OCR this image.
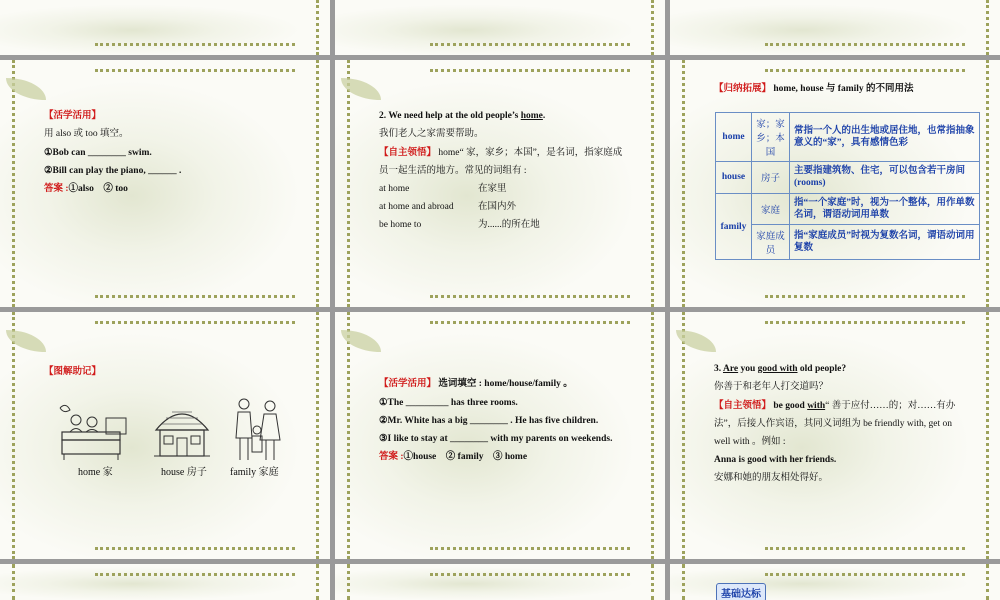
【活学活用】
用 also 或 too 填空。
①Bob can ________ swim.
②Bill can play the piano, ______ .
答案 :①also　② too
2. We need help at the old people’s home.
我们老人之家需要帮助。
【自主领悟】 home“ 家，家乡；本国”，是名词，指家庭成
员一起生活的地方。常见的词组有 :
at home	在家里
at home and abroad	在国内外
be home to	为......的所在地
【归纳拓展】 home, house 与 family 的不同用法
home	家；家乡；本国	常指一个人的出生地或居住地，也常指抽象意义的“家”，具有感情色彩
house	房子	主要指建筑物、住宅，可以包含若干房间(rooms)
family	家庭	指“一个家庭”时，视为一个整体，用作单数名词，谓语动词用单数
	家庭成员	指“家庭成员”时视为复数名词，谓语动词用复数
【图解助记】
home 家	house 房子 family 家庭
【活学活用】 选词填空 : home/house/family 。
①The _________ has three rooms.
②Mr. White has a big ________ . He has five children.
③I like to stay at ________ with my parents on weekends.
答案 :①house　② family　③ home
3. Are you good with old people?
你善于和老年人打交道吗？
【自主领悟】 be good with“ 善于应付……的；对……有办
法”，后接人作宾语，其同义词组为 be friendly with, get on
well with 。例如 :
Anna is good with her friends.
安娜和她的朋友相处得好。
基础达标
